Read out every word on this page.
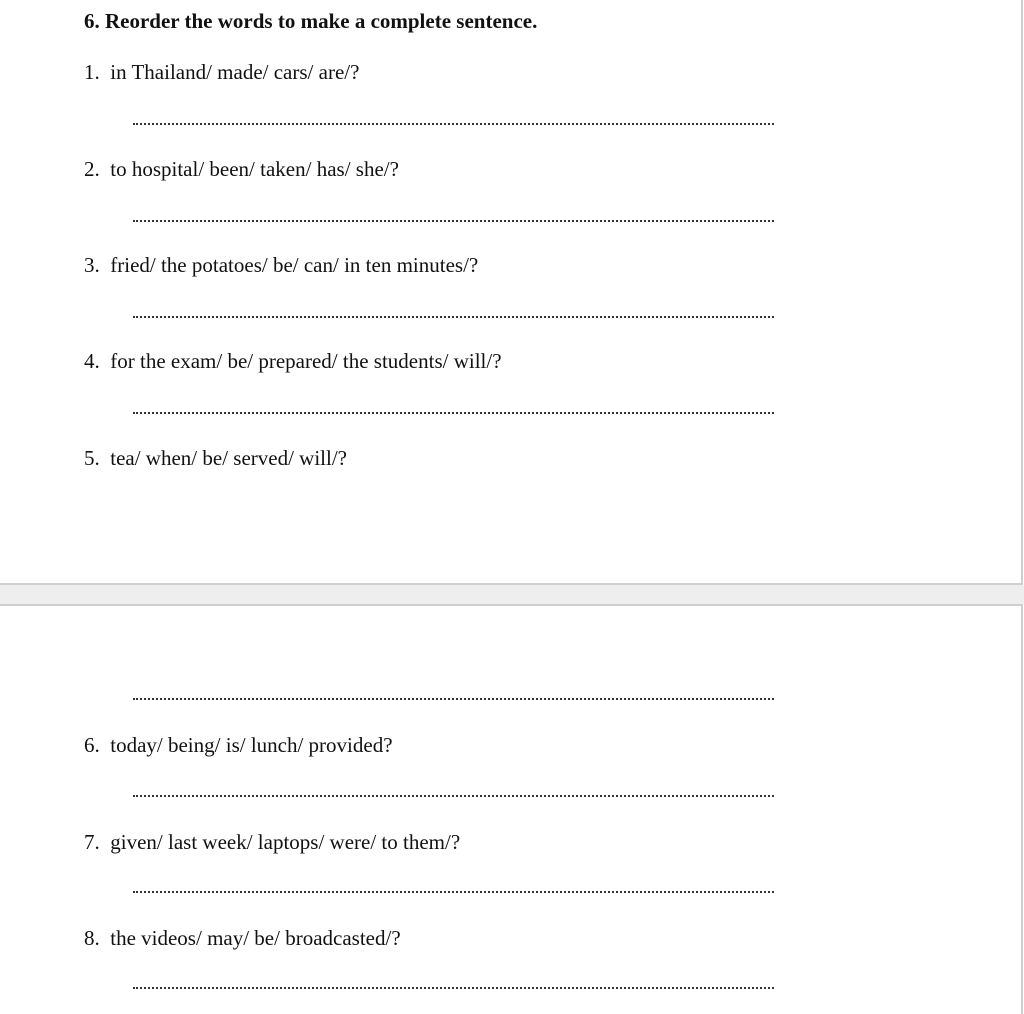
6. Reorder the words to make a complete sentence.
1. in Thailand/ made/ cars/ are/?
2. to hospital/ been/ taken/ has/ she/?
3. fried/ the potatoes/ be/ can/ in ten minutes/?
4. for the exam/ be/ prepared/ the students/ will/?
5. tea/ when/ be/ served/ will/?
6. today/ being/ is/ lunch/ provided?
7. given/ last week/ laptops/ were/ to them/?
8. the videos/ may/ be/ broadcasted/?
